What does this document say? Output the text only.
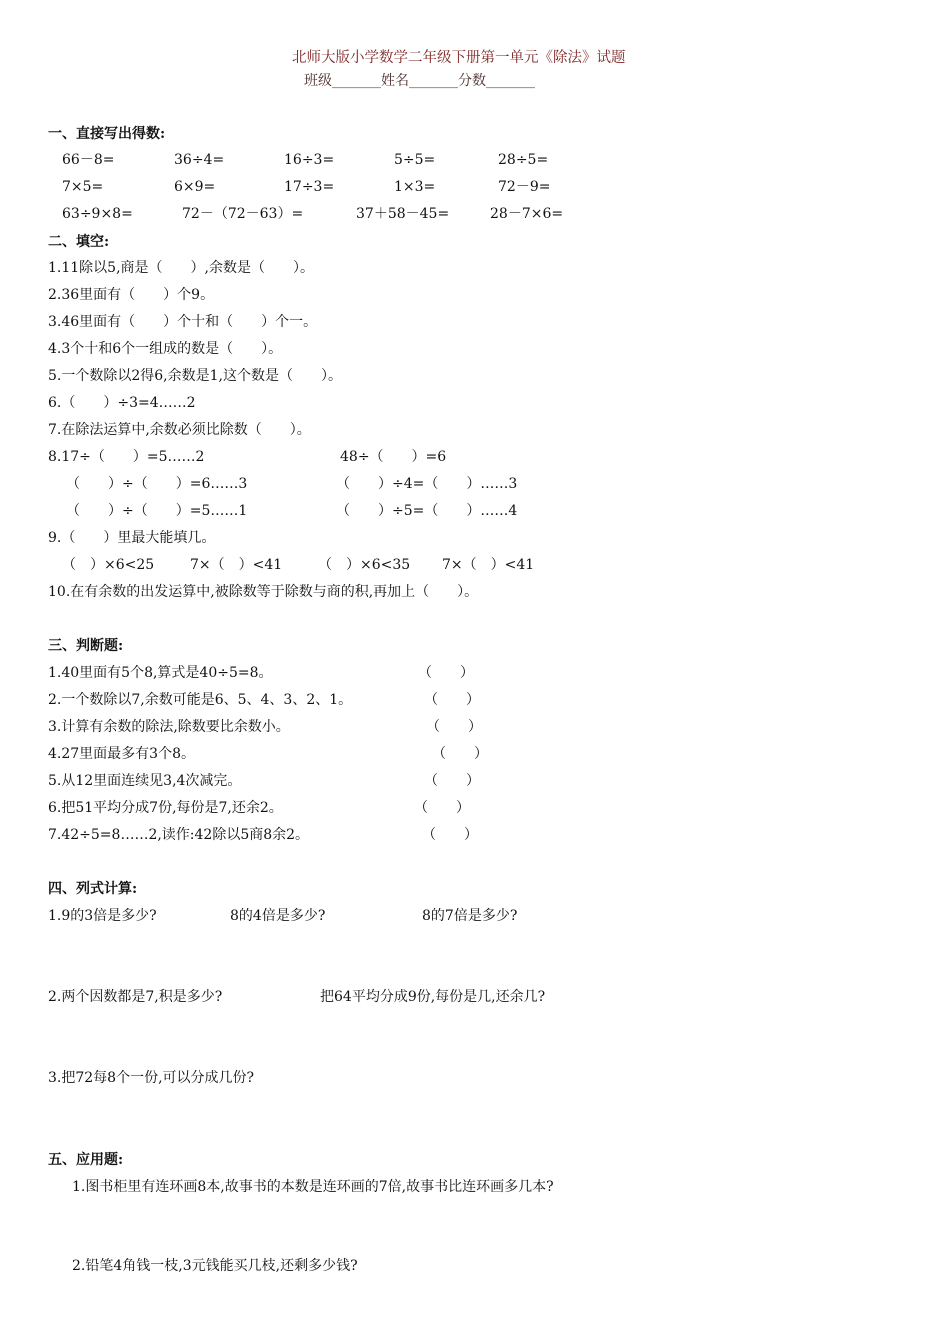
北师大版小学数学二年级下册第一单元《除法》试题
班级_______姓名_______分数_______
一、直接写出得数:
66－8=	36÷4=	16÷3=	5÷5=	28÷5=
7×5=	6×9=	17÷3=	1×3=	72－9=
63÷9×8=	72－（72－63）=	37＋58－45=	28－7×6=
二、填空:
1.11除以5,商是（　　）,余数是（　　）。
2.36里面有（　　）个9。
3.46里面有（　　）个十和（　　）个一。
4.3个十和6个一组成的数是（　　）。
5.一个数除以2得6,余数是1,这个数是（　　）。
6.（　　）÷3=4……2
7.在除法运算中,余数必须比除数（　　）。
8.17÷（　　）=5……2	48÷（　　）=6
（　　）÷（　　）=6……3	（　　）÷4=（　　）……3
（　　）÷（　　）=5……1	（　　）÷5=（　　）……4
9.（　　）里最大能填几。
（　）×6<25	7×（　）<41	（　）×6<35 7×（　）<41
10.在有余数的出发运算中,被除数等于除数与商的积,再加上（　　）。
三、判断题:
1.40里面有5个8,算式是40÷5=8。	（　　）
2.一个数除以7,余数可能是6、5、4、3、2、1。	（　　）
3.计算有余数的除法,除数要比余数小。	（　　）
4.27里面最多有3个8。	（　　）
5.从12里面连续见3,4次减完。	（　　）
6.把51平均分成7份,每份是7,还余2。	（　　）
7.42÷5=8……2,读作:42除以5商8余2。	（　　）
四、列式计算:
1.9的3倍是多少?	8的4倍是多少?	8的7倍是多少?
2.两个因数都是7,积是多少?	把64平均分成9份,每份是几,还余几?
3.把72每8个一份,可以分成几份?
五、应用题:
1.图书柜里有连环画8本,故事书的本数是连环画的7倍,故事书比连环画多几本?
2.铅笔4角钱一枝,3元钱能买几枝,还剩多少钱?
